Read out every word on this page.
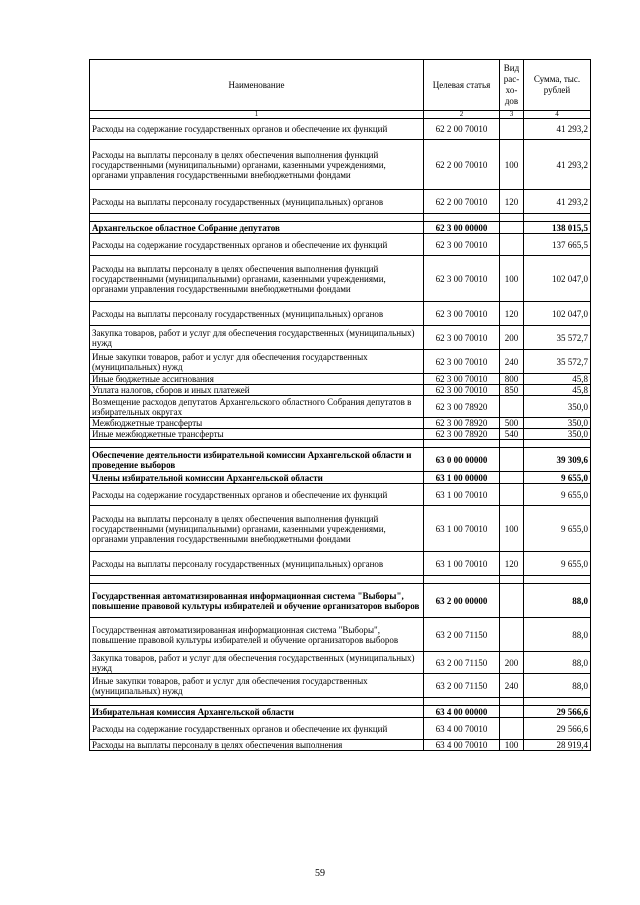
Наименование	Целевая статья	Вид рас-хо-дов	Сумма, тыс. рублей
1	2	3	4
Расходы на содержание государственных органов и обеспечение их функций	62 2 00 70010		41 293,2
Расходы на выплаты персоналу в целях обеспечения выполнения функций государственными (муниципальными) органами, казенными учреждениями, органами управления государственными внебюджетными фондами	62 2 00 70010	100	41 293,2
Расходы на выплаты персоналу государственных (муниципальных) органов	62 2 00 70010	120	41 293,2

Архангельское областное Собрание депутатов	62 3 00 00000		138 015,5
Расходы на содержание государственных органов и обеспечение их функций	62 3 00 70010		137 665,5
Расходы на выплаты персоналу в целях обеспечения выполнения функций государственными (муниципальными) органами, казенными учреждениями, органами управления государственными внебюджетными фондами	62 3 00 70010	100	102 047,0
Расходы на выплаты персоналу государственных (муниципальных) органов	62 3 00 70010	120	102 047,0
Закупка товаров, работ и услуг для обеспечения государственных (муниципальных) нужд	62 3 00 70010	200	35 572,7
Иные закупки товаров, работ и услуг для обеспечения государственных (муниципальных) нужд	62 3 00 70010	240	35 572,7
Иные бюджетные ассигнования	62 3 00 70010	800	45,8
Уплата налогов, сборов и иных платежей	62 3 00 70010	850	45,8
Возмещение расходов депутатов Архангельского областного Собрания депутатов в избирательных округах	62 3 00 78920		350,0
Межбюджетные трансферты	62 3 00 78920	500	350,0
Иные межбюджетные трансферты	62 3 00 78920	540	350,0

Обеспечение деятельности избирательной комиссии Архангельской области и проведение выборов	63 0 00 00000		39 309,6
Члены избирательной комиссии Архангельской области	63 1 00 00000		9 655,0
Расходы на содержание государственных органов и обеспечение их функций	63 1 00 70010		9 655,0
Расходы на выплаты персоналу в целях обеспечения выполнения функций государственными (муниципальными) органами, казенными учреждениями, органами управления государственными внебюджетными фондами	63 1 00 70010	100	9 655,0
Расходы на выплаты персоналу государственных (муниципальных) органов	63 1 00 70010	120	9 655,0

Государственная автоматизированная информационная система "Выборы", повышение правовой культуры избирателей и обучение организаторов выборов	63 2 00 00000		88,0
Государственная автоматизированная информационная система "Выборы", повышение правовой культуры избирателей и обучение организаторов выборов	63 2 00 71150		88,0
Закупка товаров, работ и услуг для обеспечения государственных (муниципальных) нужд	63 2 00 71150	200	88,0
Иные закупки товаров, работ и услуг для обеспечения государственных (муниципальных) нужд	63 2 00 71150	240	88,0

Избирательная комиссия Архангельской области	63 4 00 00000		29 566,6
Расходы на содержание государственных органов и обеспечение их функций	63 4 00 70010		29 566,6
Расходы на выплаты персоналу в целях обеспечения выполнения	63 4 00 70010	100	28 919,4
59
